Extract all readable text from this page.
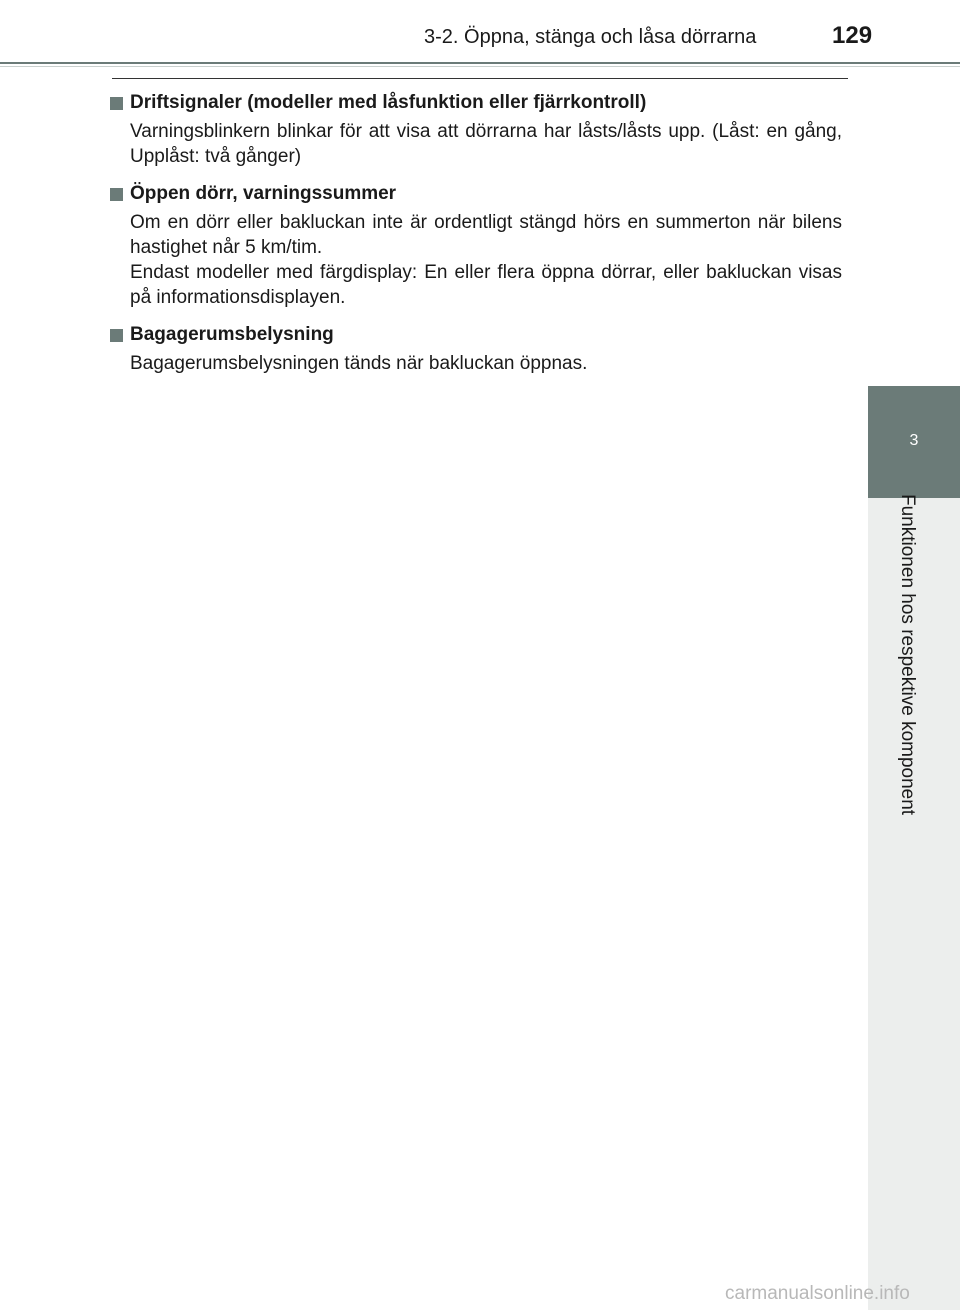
3-2. Öppna, stänga och låsa dörrarna	129
Driftsignaler (modeller med låsfunktion eller fjärrkontroll)

Varningsblinkern blinkar för att visa att dörrarna har låsts/låsts upp. (Låst: en gång, Upplåst: två gånger)

Öppen dörr, varningssummer

Om en dörr eller bakluckan inte är ordentligt stängd hörs en summerton när bilens hastighet når 5 km/tim.

Endast modeller med färgdisplay: En eller flera öppna dörrar, eller bakluckan visas på informationsdisplayen.

Bagagerumsbelysning

Bagagerumsbelysningen tänds när bakluckan öppnas.

3
Funktionen hos respektive komponent
carmanualsonline.info
